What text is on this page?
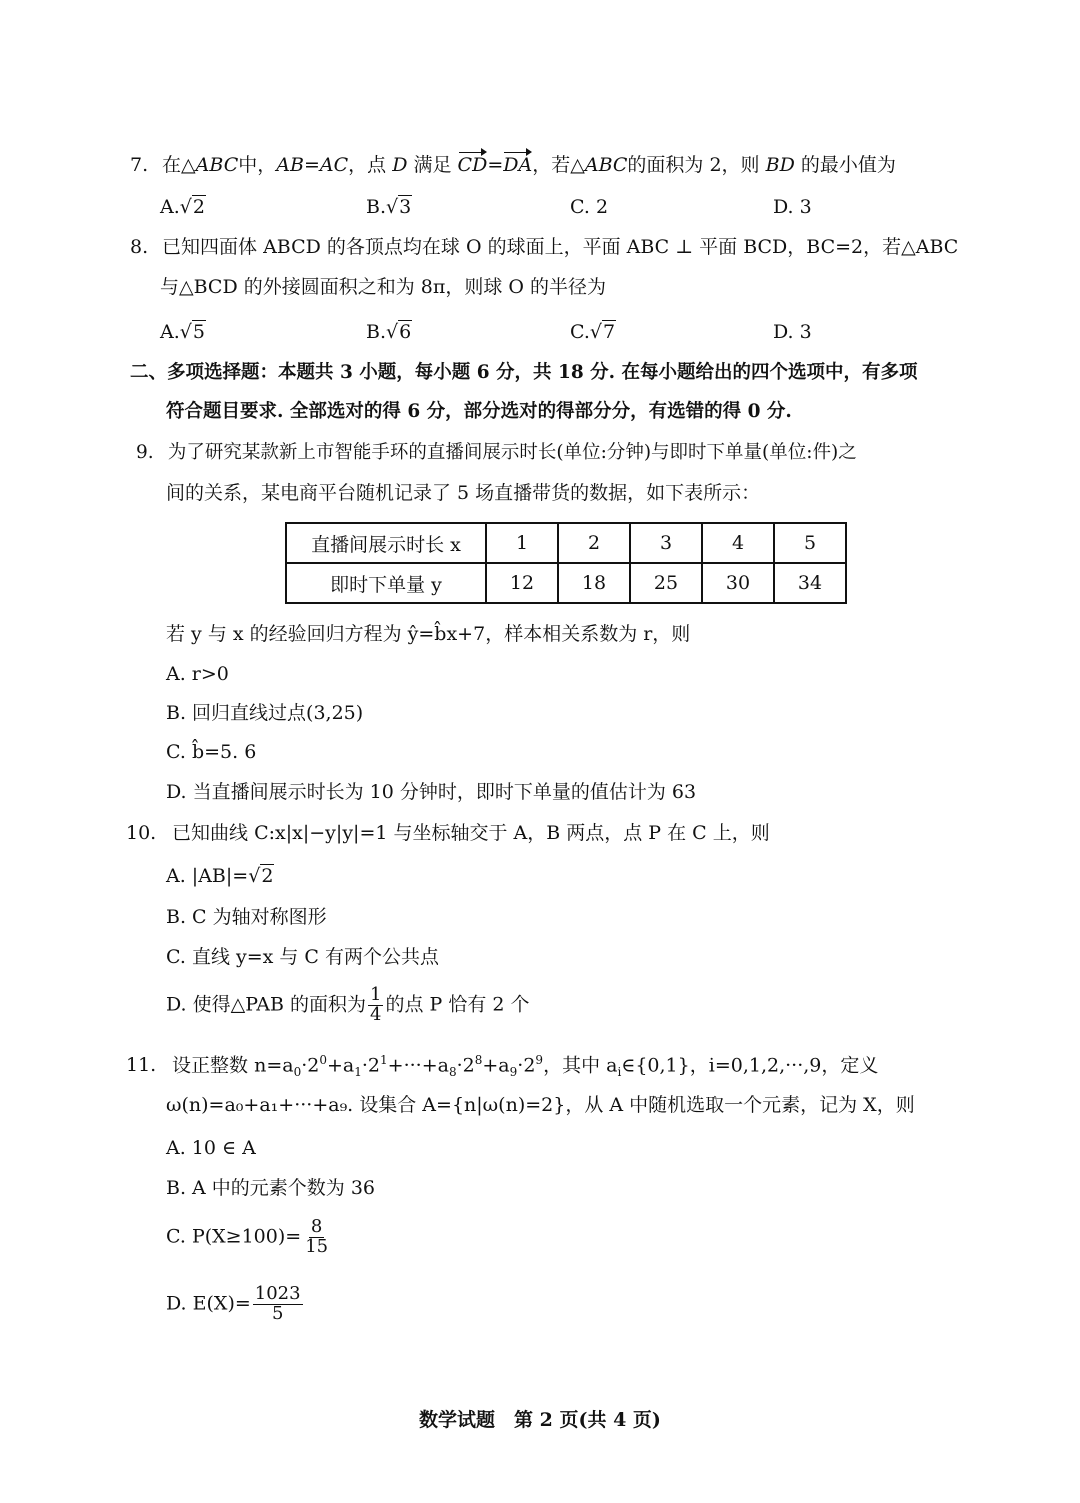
7. 在△ABC中，AB=AC，点 D 满足 CD=DA，若△ABC的面积为 2，则 BD 的最小值为
A.√2	B.√3	C. 2	D. 3
8. 已知四面体 ABCD 的各顶点均在球 O 的球面上，平面 ABC ⊥ 平面 BCD，BC=2，若△ABC
与△BCD 的外接圆面积之和为 8π，则球 O 的半径为
A.√5	B.√6	C.√7	D. 3
二、多项选择题：本题共 3 小题，每小题 6 分，共 18 分. 在每小题给出的四个选项中，有多项
符合题目要求. 全部选对的得 6 分，部分选对的得部分分，有选错的得 0 分.
9. 为了研究某款新上市智能手环的直播间展示时长(单位:分钟)与即时下单量(单位:件)之
间的关系，某电商平台随机记录了 5 场直播带货的数据，如下表所示：
直播间展示时长 x	1	2	3	4	5
即时下单量 y	12	18	25	30	34
若 y 与 x 的经验回归方程为 ŷ=b̂x+7，样本相关系数为 r，则
A. r>0
B. 回归直线过点(3,25)
C. b̂=5. 6
D. 当直播间展示时长为 10 分钟时，即时下单量的值估计为 63
10. 已知曲线 C:x|x|−y|y|=1 与坐标轴交于 A，B 两点，点 P 在 C 上，则
A. |AB|=√2
B. C 为轴对称图形
C. 直线 y=x 与 C 有两个公共点
D. 使得△PAB 的面积为 $\frac{1}{4}$ 的点 P 恰有 2 个
11. 设正整数 $n=a_0\cdot 2^0+a_1\cdot 2^1+\cdot\cdot\cdot+a_8\cdot 2^8+a_9\cdot 2^9$，其中 $a_i\in\{0,1\}$，i=0,1,2,···,9，定义
ω(n)=a₀+a₁+···+a₉. 设集合 A={n|ω(n)=2}，从 A 中随机选取一个元素，记为 X，则
A. 10 ∈ A
B. A 中的元素个数为 36
C. $P(X\ge 100)= \frac{8}{15}$
D. $E(X)= \frac{1023}{5}$
数学试题　第 2 页(共 4 页)
